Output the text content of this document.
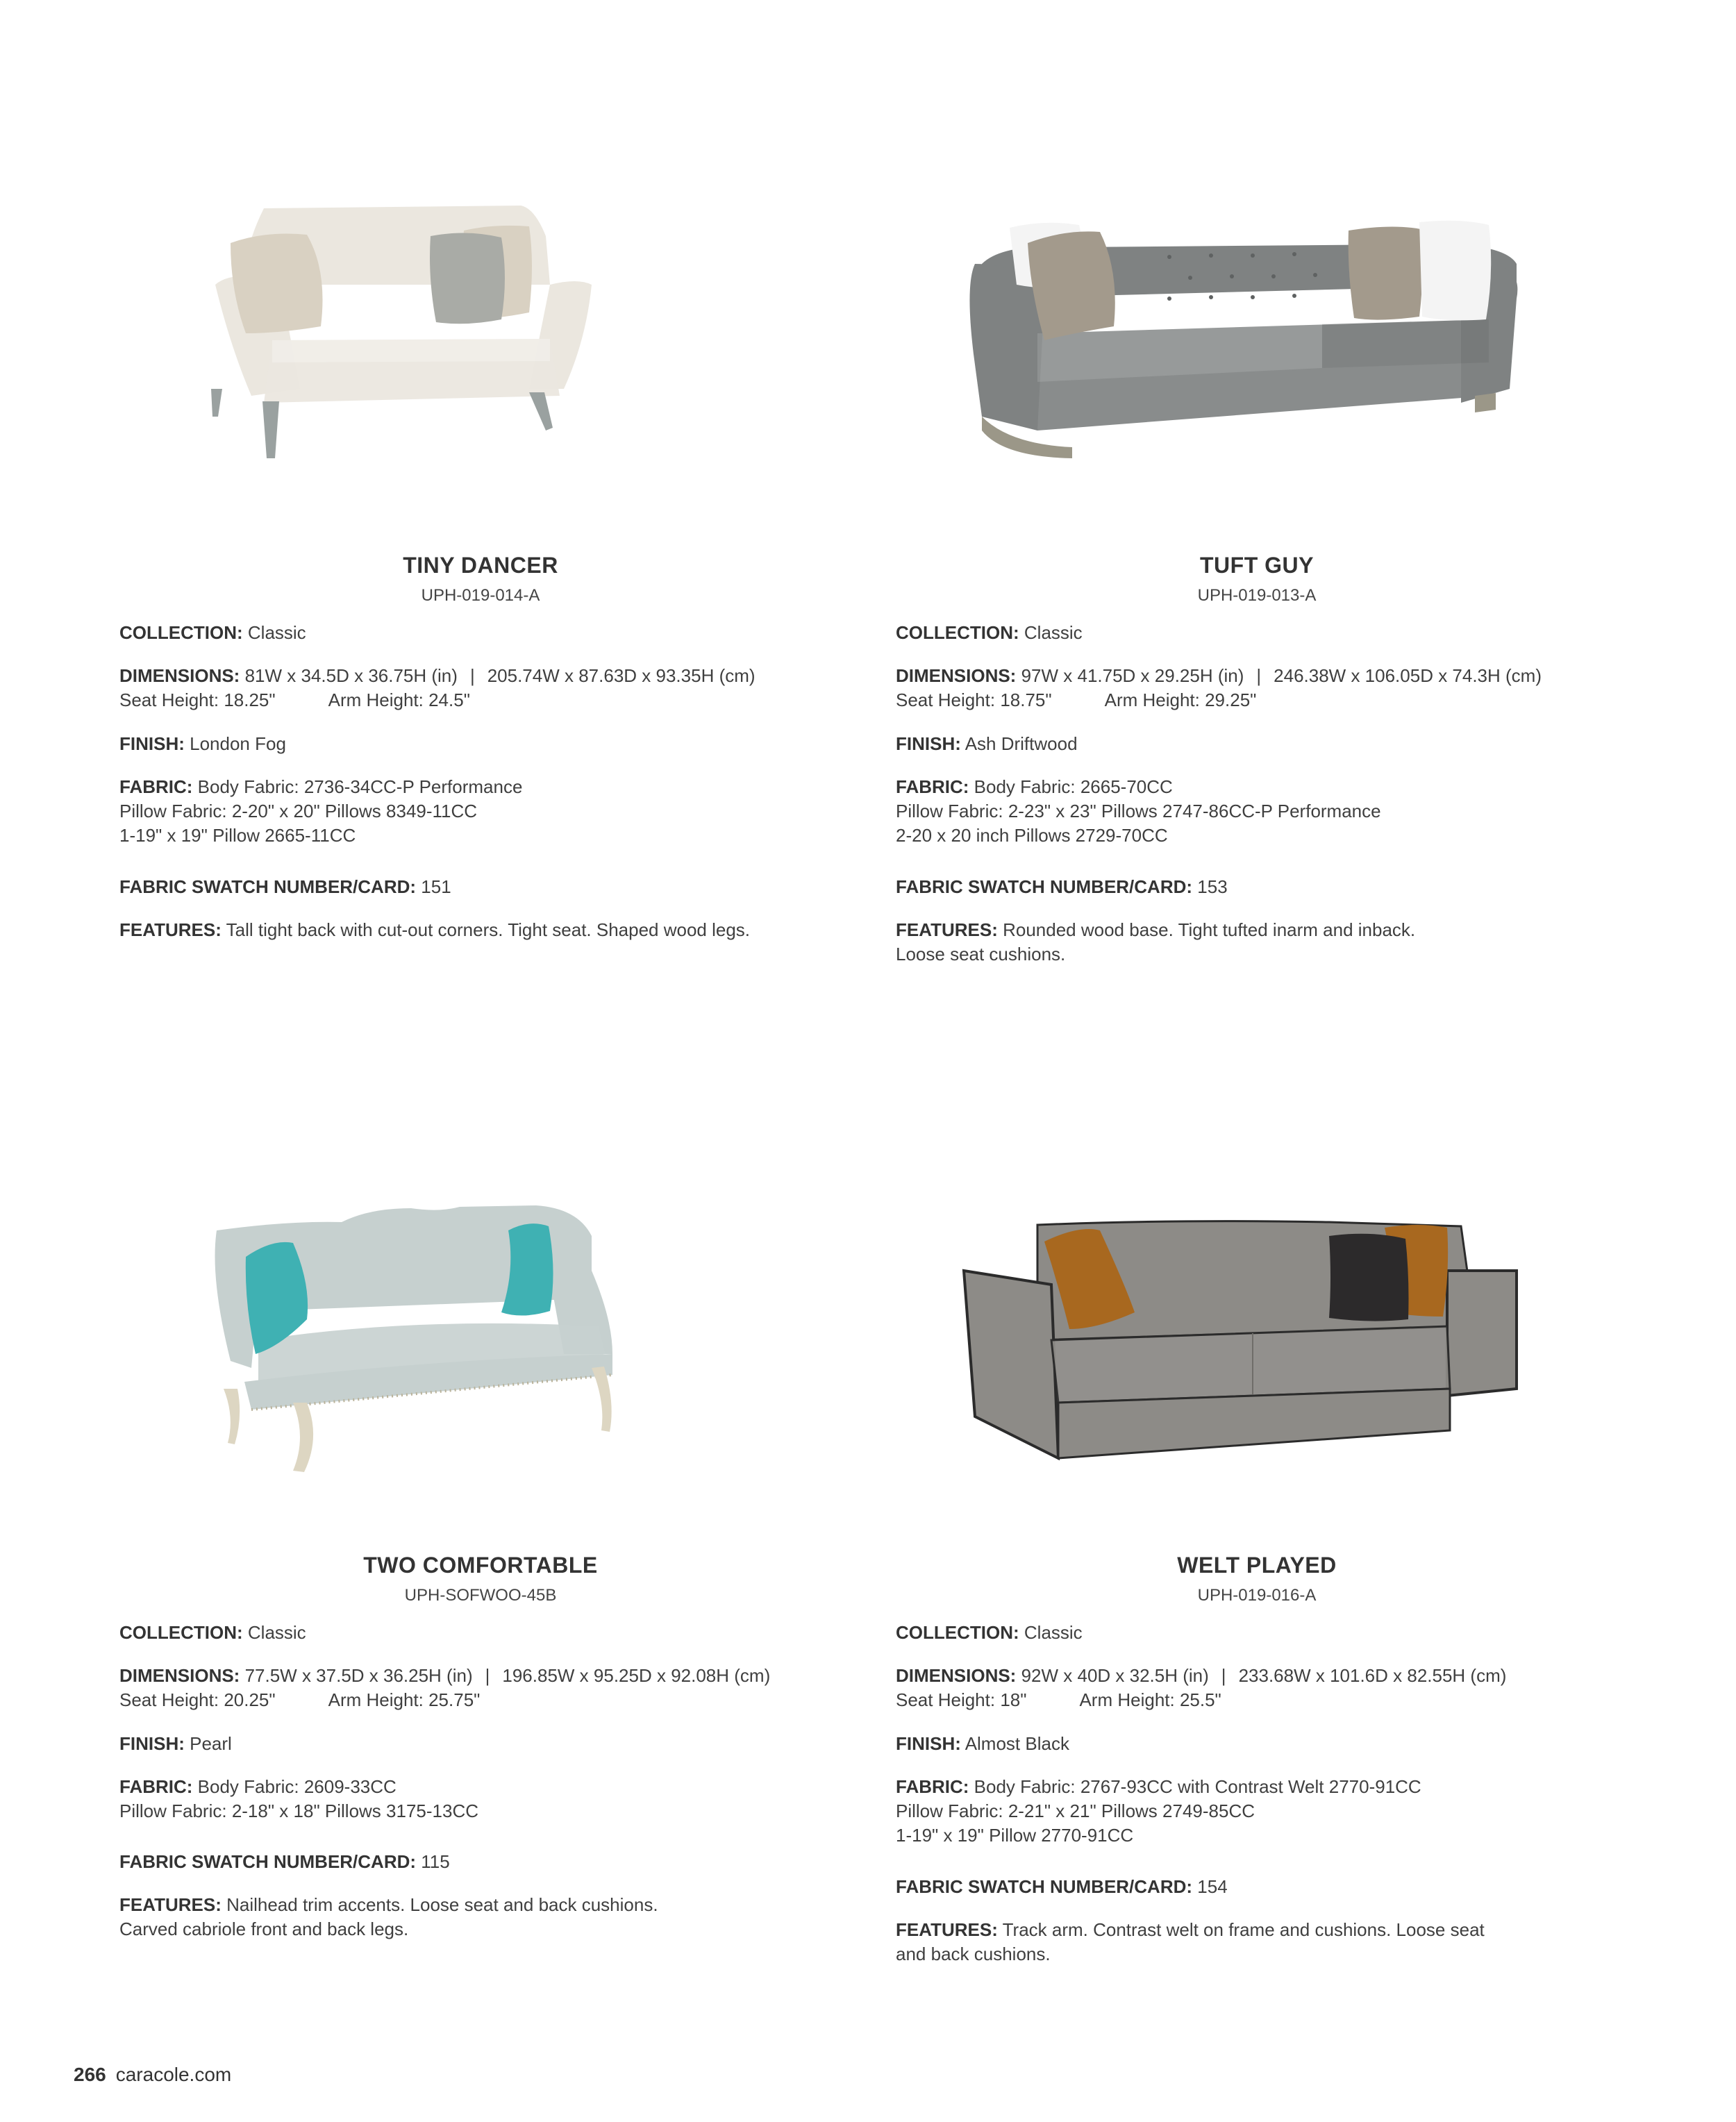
TINY DANCER
UPH-019-014-A
COLLECTION: Classic
DIMENSIONS: 81W x 34.5D x 36.75H (in) | 205.74W x 87.63D x 93.35H (cm)
Seat Height: 18.25"	Arm Height: 24.5"
FINISH: London Fog
FABRIC: Body Fabric: 2736-34CC-P Performance
Pillow Fabric: 2-20" x 20" Pillows 8349-11CC
1-19" x 19" Pillow 2665-11CC
FABRIC SWATCH NUMBER/CARD: 151
FEATURES: Tall tight back with cut-out corners. Tight seat. Shaped wood legs.
TUFT GUY
UPH-019-013-A
COLLECTION: Classic
DIMENSIONS: 97W x 41.75D x 29.25H (in) | 246.38W x 106.05D x 74.3H (cm)
Seat Height: 18.75"	Arm Height: 29.25"
FINISH: Ash Driftwood
FABRIC: Body Fabric: 2665-70CC
Pillow Fabric: 2-23" x 23" Pillows 2747-86CC-P Performance
2-20 x 20 inch Pillows 2729-70CC
FABRIC SWATCH NUMBER/CARD: 153
FEATURES: Rounded wood base. Tight tufted inarm and inback.
Loose seat cushions.
TWO COMFORTABLE
UPH-SOFWOO-45B
COLLECTION: Classic
DIMENSIONS: 77.5W x 37.5D x 36.25H (in) | 196.85W x 95.25D x 92.08H (cm)
Seat Height: 20.25"	Arm Height: 25.75"
FINISH: Pearl
FABRIC: Body Fabric: 2609-33CC
Pillow Fabric: 2-18" x 18" Pillows 3175-13CC
FABRIC SWATCH NUMBER/CARD: 115
FEATURES: Nailhead trim accents. Loose seat and back cushions.
Carved cabriole front and back legs.
WELT PLAYED
UPH-019-016-A
COLLECTION: Classic
DIMENSIONS: 92W x 40D x 32.5H (in) | 233.68W x 101.6D x 82.55H (cm)
Seat Height: 18"	Arm Height: 25.5"
FINISH: Almost Black
FABRIC: Body Fabric: 2767-93CC with Contrast Welt 2770-91CC
Pillow Fabric: 2-21" x 21" Pillows 2749-85CC
1-19" x 19" Pillow 2770-91CC
FABRIC SWATCH NUMBER/CARD: 154
FEATURES: Track arm. Contrast welt on frame and cushions. Loose seat
and back cushions.
266 caracole.com
